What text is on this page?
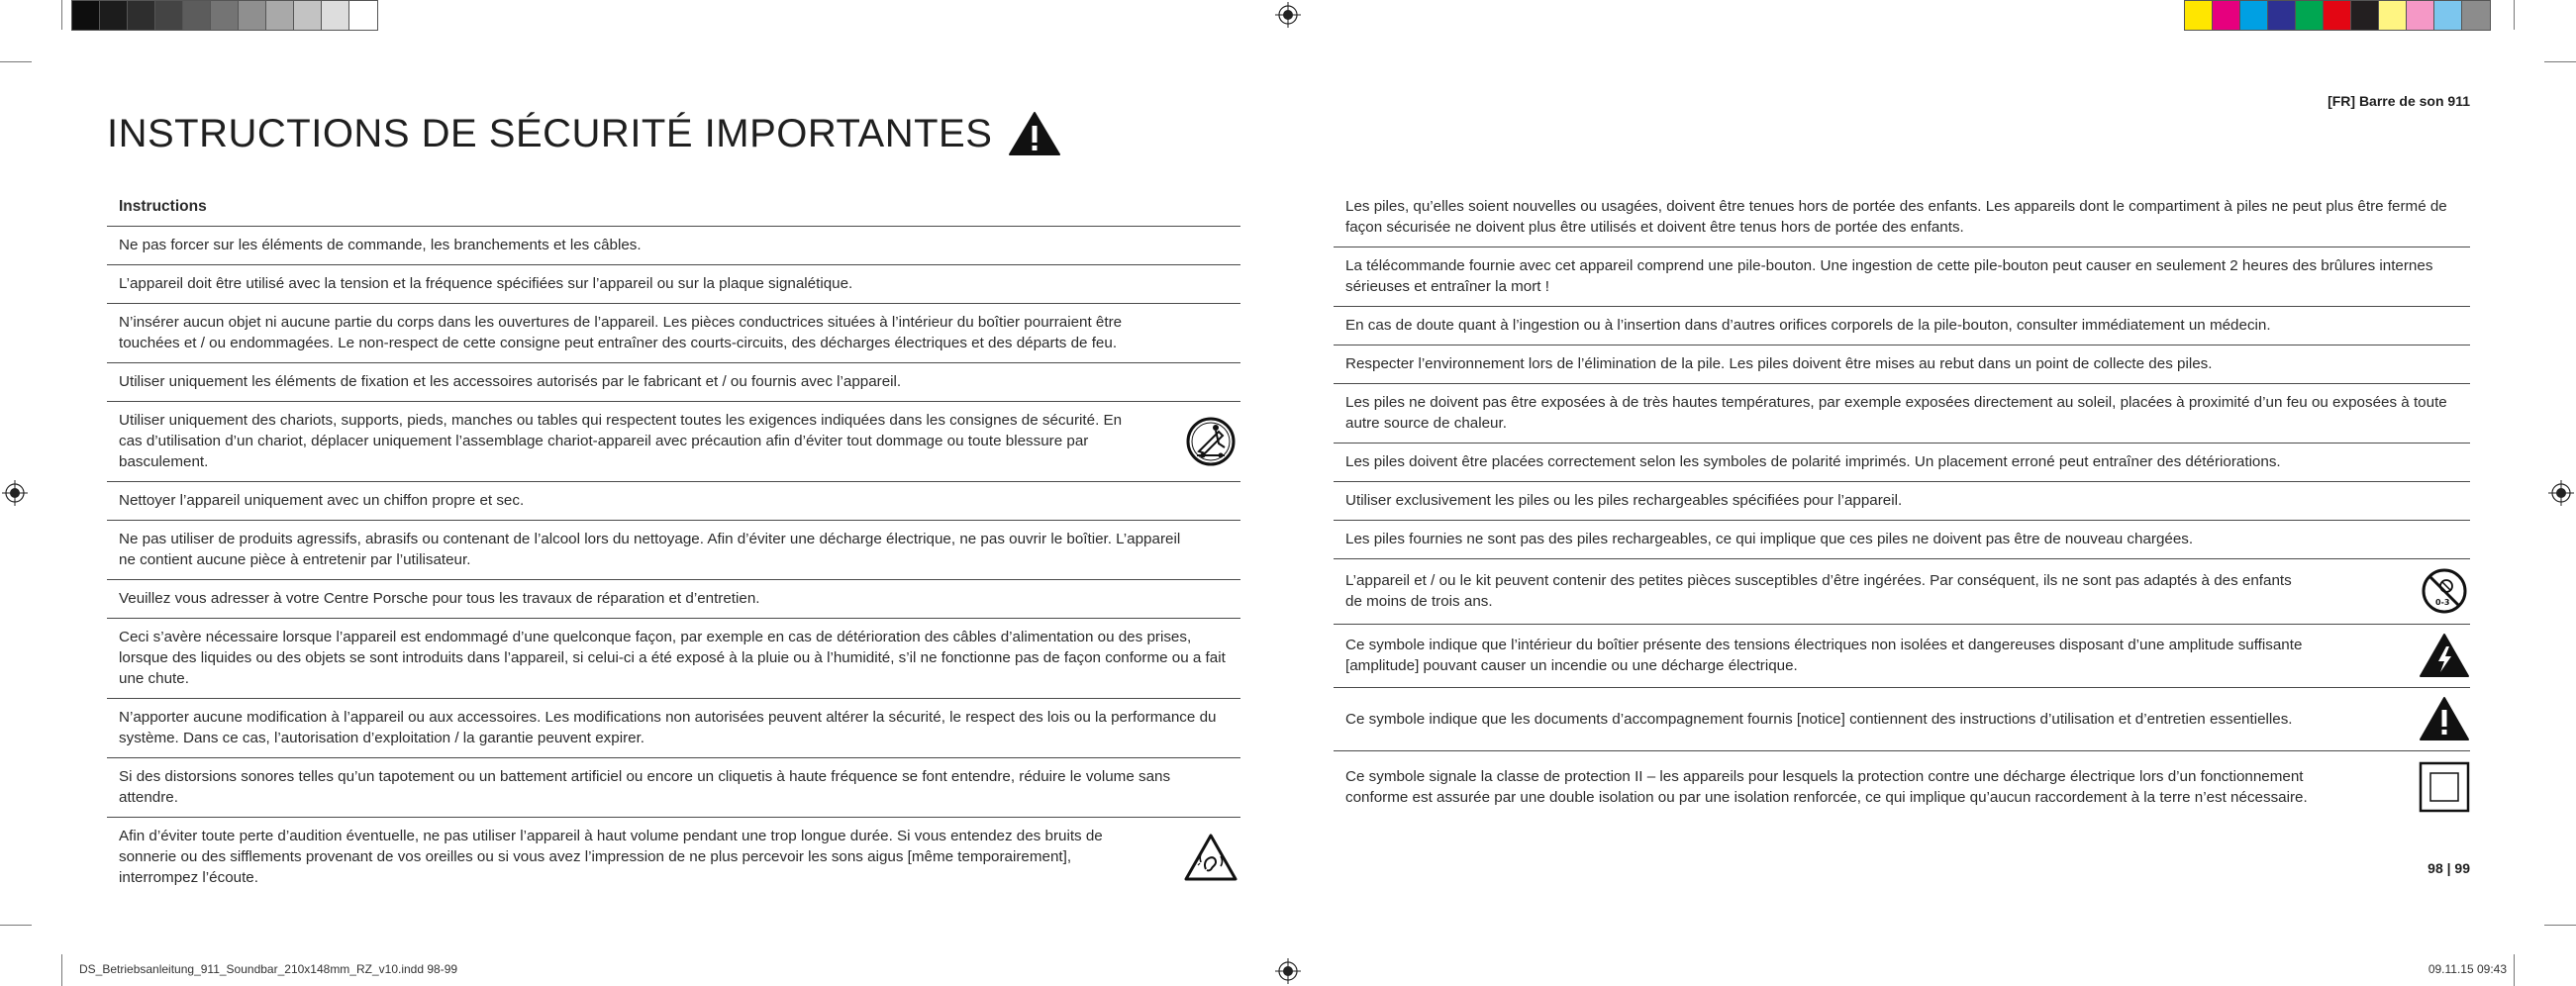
INSTRUCTIONS DE SÉCURITÉ IMPORTANTES
[FR] Barre de son 911
98 | 99
DS_Betriebsanleitung_911_Soundbar_210x148mm_RZ_v10.indd 98-99	09.11.15 09:43
Instructions
Ne pas forcer sur les éléments de commande, les branchements et les câbles.
L’appareil doit être utilisé avec la tension et la fréquence spécifiées sur l’appareil ou sur la plaque signalétique.
N’insérer aucun objet ni aucune partie du corps dans les ouvertures de l’appareil. Les pièces conductrices situées à l’intérieur du boîtier pourraient être touchées et / ou endommagées. Le non-respect de cette consigne peut entraîner des courts-circuits, des décharges électriques et des départs de feu.
Utiliser uniquement les éléments de fixation et les accessoires autorisés par le fabricant et / ou fournis avec l’appareil.
Utiliser uniquement des chariots, supports, pieds, manches ou tables qui respectent toutes les exigences indiquées dans les consignes de sécurité. En cas d’utilisation d’un chariot, déplacer uniquement l’assemblage chariot-appareil avec précaution afin d’éviter tout dommage ou toute blessure par basculement.
Nettoyer l’appareil uniquement avec un chiffon propre et sec.
Ne pas utiliser de produits agressifs, abrasifs ou contenant de l’alcool lors du nettoyage. Afin d’éviter une décharge électrique, ne pas ouvrir le boîtier. L’appareil ne contient aucune pièce à entretenir par l’utilisateur.
Veuillez vous adresser à votre Centre Porsche pour tous les travaux de réparation et d’entretien.
Ceci s’avère nécessaire lorsque l’appareil est endommagé d’une quelconque façon, par exemple en cas de détérioration des câbles d’alimentation ou des prises, lorsque des liquides ou des objets se sont introduits dans l’appareil, si celui-ci a été exposé à la pluie ou à l’humidité, s’il ne fonctionne pas de façon conforme ou a fait une chute.
N’apporter aucune modification à l’appareil ou aux accessoires. Les modifications non autorisées peuvent altérer la sécurité, le respect des lois ou la performance du système. Dans ce cas, l’autorisation d’exploitation / la garantie peuvent expirer.
Si des distorsions sonores telles qu’un tapotement ou un battement artificiel ou encore un cliquetis à haute fréquence se font entendre, réduire le volume sans attendre.
Afin d’éviter toute perte d’audition éventuelle, ne pas utiliser l’appareil à haut volume pendant une trop longue durée. Si vous entendez des bruits de sonnerie ou des sifflements provenant de vos oreilles ou si vous avez l’impression de ne plus percevoir les sons aigus [même temporairement], interrompez l’écoute.
Les piles, qu’elles soient nouvelles ou usagées, doivent être tenues hors de portée des enfants. Les appareils dont le compartiment à piles ne peut plus être fermé de façon sécurisée ne doivent plus être utilisés et doivent être tenus hors de portée des enfants.
La télécommande fournie avec cet appareil comprend une pile-bouton. Une ingestion de cette pile-bouton peut causer en seulement 2 heures des brûlures internes sérieuses et entraîner la mort !
En cas de doute quant à l’ingestion ou à l’insertion dans d’autres orifices corporels de la pile-bouton, consulter immédiatement un médecin.
Respecter l’environnement lors de l’élimination de la pile. Les piles doivent être mises au rebut dans un point de collecte des piles.
Les piles ne doivent pas être exposées à de très hautes températures, par exemple exposées directement au soleil, placées à proximité d’un feu ou exposées à toute autre source de chaleur.
Les piles doivent être placées correctement selon les symboles de polarité imprimés. Un placement erroné peut entraîner des détériorations.
Utiliser exclusivement les piles ou les piles rechargeables spécifiées pour l’appareil.
Les piles fournies ne sont pas des piles rechargeables, ce qui implique que ces piles ne doivent pas être de nouveau chargées.
L’appareil et / ou le kit peuvent contenir des petites pièces susceptibles d’être ingérées. Par conséquent, ils ne sont pas adaptés à des enfants de moins de trois ans.	0-3
Ce symbole indique que l’intérieur du boîtier présente des tensions électriques non isolées et dangereuses disposant d’une amplitude suffisante [amplitude] pouvant causer un incendie ou une décharge électrique.
Ce symbole indique que les documents d’accompagnement fournis [notice] contiennent des instructions d’utilisation et d’entretien essentielles.
Ce symbole signale la classe de protection II – les appareils pour lesquels la protection contre une décharge électrique lors d’un fonctionnement conforme est assurée par une double isolation ou par une isolation renforcée, ce qui implique qu’aucun raccordement à la terre n’est nécessaire.
